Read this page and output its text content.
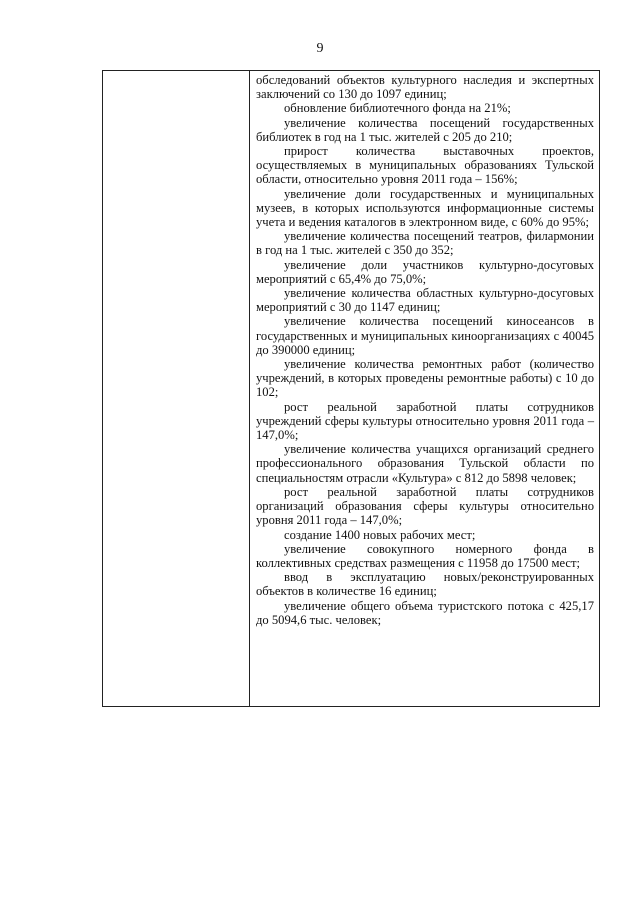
9

обследований объектов культурного наследия и экспертных заключений со 130 до 1097 единиц;

обновление библиотечного фонда на 21%;

увеличение количества посещений государственных библиотек в год на 1 тыс. жителей с 205 до 210;

прирост количества выставочных проектов, осуществляемых в муниципальных образованиях Тульской области, относительно уровня 2011 года – 156%;

увеличение доли государственных и муниципальных музеев, в которых используются информационные системы учета и ведения каталогов в электронном виде, с 60% до 95%;

увеличение количества посещений театров, филармонии в год на 1 тыс. жителей с 350 до 352;

увеличение доли участников культурно-досуговых мероприятий с 65,4% до 75,0%;

увеличение количества областных культурно-досуговых мероприятий с 30 до 1147 единиц;

увеличение количества посещений киносеансов в государственных и муниципальных киноорганизациях с 40045 до 390000 единиц;

увеличение количества ремонтных работ (количество учреждений, в которых проведены ремонтные работы) с 10 до 102;

рост реальной заработной платы сотрудников учреждений сферы культуры относительно уровня 2011 года – 147,0%;

увеличение количества учащихся организаций среднего профессионального образования Тульской области по специальностям отрасли «Культура» с 812 до 5898 человек;

рост реальной заработной платы сотрудников организаций образования сферы культуры относительно уровня 2011 года – 147,0%;

создание 1400 новых рабочих мест;

увеличение совокупного номерного фонда в коллективных средствах размещения с 11958 до 17500 мест;

ввод в эксплуатацию новых/реконструированных объектов в количестве 16 единиц;

увеличение общего объема туристского потока с 425,17 до 5094,6 тыс. человек;
